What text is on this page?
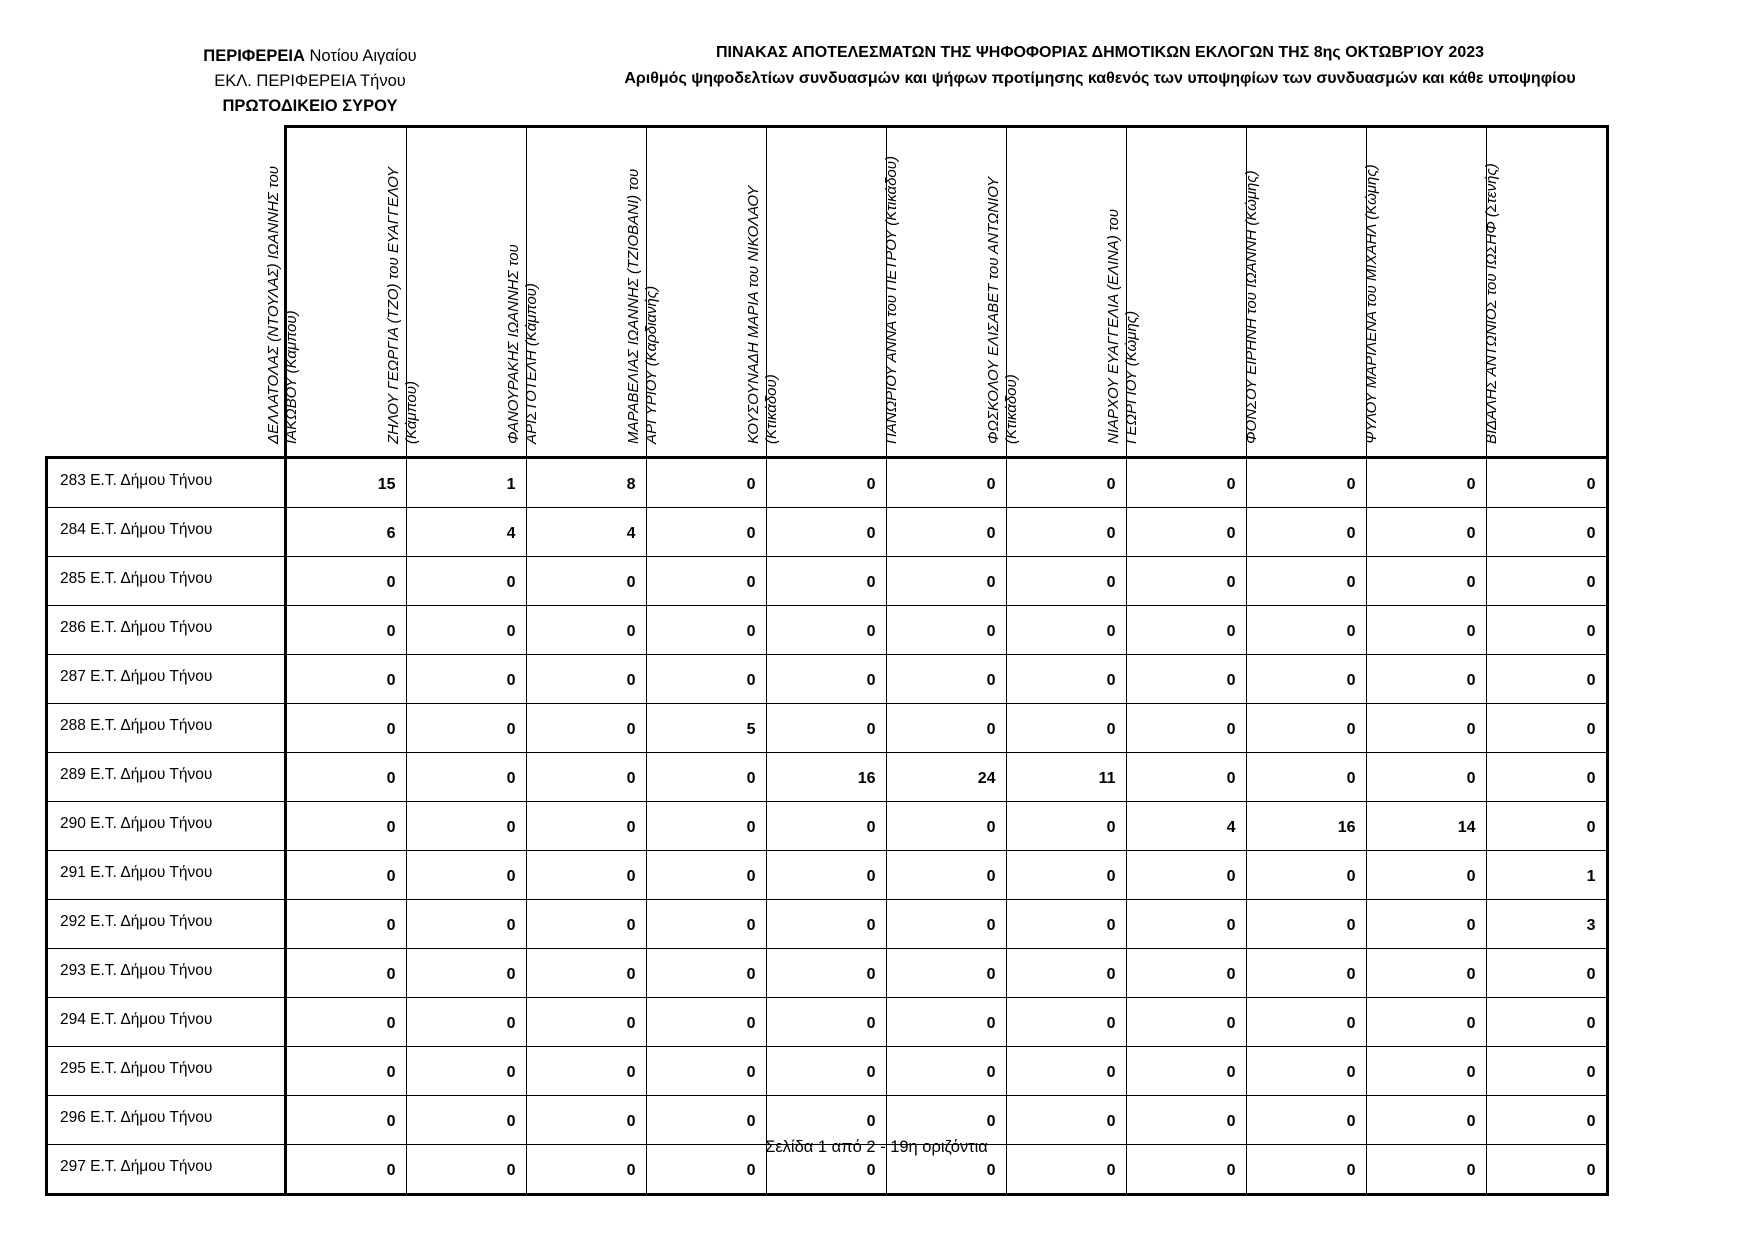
ΠΕΡΙΦΕΡΕΙΑ Νοτίου Αιγαίου
ΕΚΛ. ΠΕΡΙΦΕΡΕΙΑ Τήνου
ΠΡΩΤΟΔΙΚΕΙΟ ΣΥΡΟΥ
ΠΙΝΑΚΑΣ ΑΠΟΤΕΛΕΣΜΑΤΩΝ ΤΗΣ ΨΗΦΟΦΟΡΙΑΣ ΔΗΜΟΤΙΚΩΝ ΕΚΛΟΓΩΝ ΤΗΣ 8ης ΟΚΤΩΒΡΊΟΥ 2023
Αριθμός ψηφοδελτίων συνδυασμών και ψήφων προτίμησης καθενός των υποψηφίων των συνδυασμών και κάθε υποψηφίου

	ΔΕΛΛΑΤΟΛΑΣ (ΝΤΟΥΛΑΣ) ΙΩΑΝΝΗΣ του ΙΑΚΩΒΟΥ (Κάμπου)	ΖΗΛΟΥ ΓΕΩΡΓΙΑ (ΤΖΟ) του ΕΥΑΓΓΕΛΟΥ (Κάμπου)	ΦΑΝΟΥΡΑΚΗΣ ΙΩΑΝΝΗΣ του ΑΡΙΣΤΟΤΕΛΗ (Κάμπου)	ΜΑΡΑΒΕΛΙΑΣ ΙΩΑΝΝΗΣ (ΤΖΙΟΒΑΝΙ) του ΑΡΓΥΡΙΟΥ (Καρδιανής)	ΚΟΥΣΟΥΝΑΔΗ ΜΑΡΙΑ του ΝΙΚΟΛΑΟΥ (Κτικάδου)	ΠΑΝΩΡΙΟΥ ΑΝΝΑ του ΠΕΤΡΟΥ (Κτικάδου)	ΦΩΣΚΟΛΟΥ ΕΛΙΣΑΒΕΤ του ΑΝΤΩΝΙΟΥ (Κτικάδου)	ΝΙΑΡΧΟΥ ΕΥΑΓΓΕΛΙΑ (ΕΛΙΝΑ) του ΓΕΩΡΓΙΟΥ (Κώμης)	ΦΟΝΣΟΥ ΕΙΡΗΝΗ του ΙΩΑΝΝΗ (Κώμης)	ΨΥΛΟΥ ΜΑΡΙΛΕΝΑ του ΜΙΧΑΗΛ (Κώμης)	ΒΙΔΑΛΗΣ ΑΝΤΩΝΙΟΣ του ΙΩΣΗΦ (Στενής)

283 Ε.Τ. Δήμου Τήνου	15	1	8	0	0	0	0	0	0	0	0
284 Ε.Τ. Δήμου Τήνου	6	4	4	0	0	0	0	0	0	0	0
285 Ε.Τ. Δήμου Τήνου	0	0	0	0	0	0	0	0	0	0	0
286 Ε.Τ. Δήμου Τήνου	0	0	0	0	0	0	0	0	0	0	0
287 Ε.Τ. Δήμου Τήνου	0	0	0	0	0	0	0	0	0	0	0
288 Ε.Τ. Δήμου Τήνου	0	0	0	5	0	0	0	0	0	0	0
289 Ε.Τ. Δήμου Τήνου	0	0	0	0	16	24	11	0	0	0	0
290 Ε.Τ. Δήμου Τήνου	0	0	0	0	0	0	0	4	16	14	0
291 Ε.Τ. Δήμου Τήνου	0	0	0	0	0	0	0	0	0	0	1
292 Ε.Τ. Δήμου Τήνου	0	0	0	0	0	0	0	0	0	0	3
293 Ε.Τ. Δήμου Τήνου	0	0	0	0	0	0	0	0	0	0	0
294 Ε.Τ. Δήμου Τήνου	0	0	0	0	0	0	0	0	0	0	0
295 Ε.Τ. Δήμου Τήνου	0	0	0	0	0	0	0	0	0	0	0
296 Ε.Τ. Δήμου Τήνου	0	0	0	0	0	0	0	0	0	0	0
297 Ε.Τ. Δήμου Τήνου	0	0	0	0	0	0	0	0	0	0	0
Σελίδα 1 από 2 - 19η οριζόντια
